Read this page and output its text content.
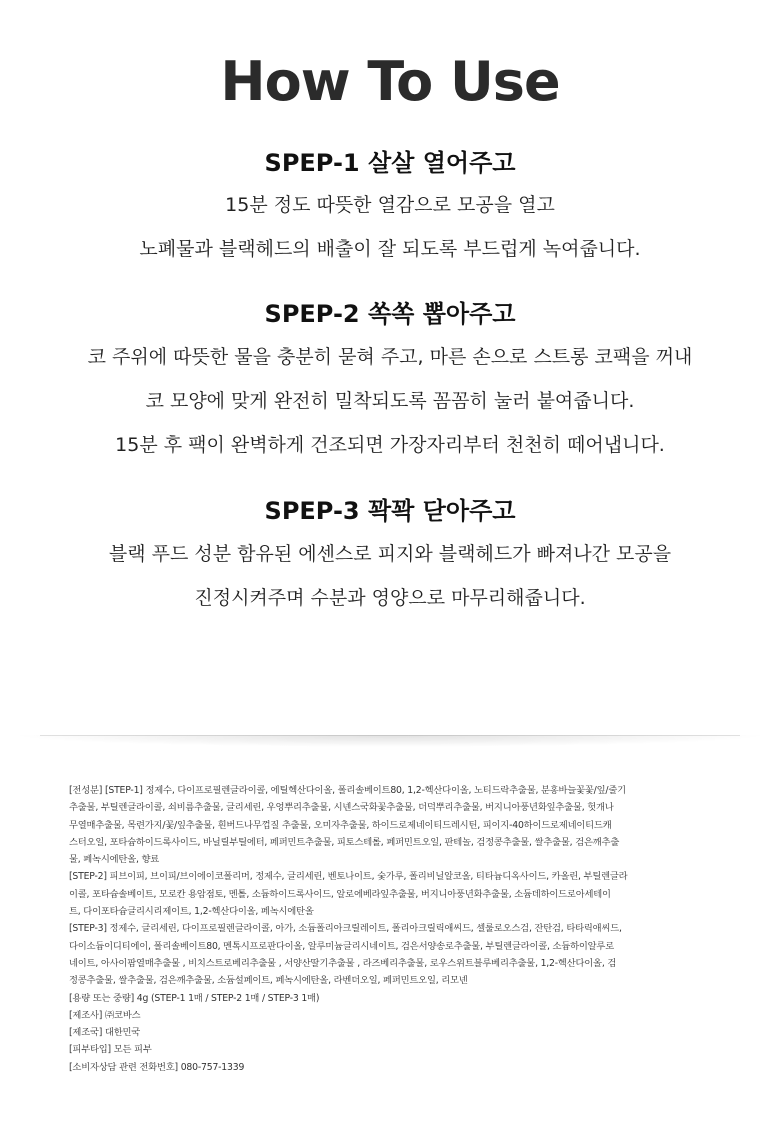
How To Use
SPEP-1 살살 열어주고
15분 정도 따뜻한 열감으로 모공을 열고
노폐물과 블랙헤드의 배출이 잘 되도록 부드럽게 녹여줍니다.
SPEP-2 쏙쏙 뽑아주고
코 주위에 따뜻한 물을 충분히 묻혀 주고, 마른 손으로 스트롱 코팩을 꺼내
코 모양에 맞게 완전히 밀착되도록 꼼꼼히 눌러 붙여줍니다.
15분 후 팩이 완벽하게 건조되면 가장자리부터 천천히 떼어냅니다.
SPEP-3 꽉꽉 닫아주고
블랙 푸드 성분 함유된 에센스로 피지와 블랙헤드가 빠져나간 모공을
진정시켜주며 수분과 영양으로 마무리해줍니다.
[전성분] [STEP-1] 정제수, 다이프로필렌글라이콜, 에틸헥산다이올, 폴리솔베이트80, 1,2-헥산다이올, 노티드락추출물, 분홍바늘꽃꽃/잎/줄기
추출물, 부틸렌글라이콜, 쇠비름추출물, 글리세린, 우엉뿌리추출물, 시넨스국화꽃추출물, 더덕뿌리추출물, 버지니아풍년화잎추출물, 헛개나
무열매추출물, 목련가지/꽃/잎추출물, 흰버드나무껍질 추출물, 오미자추출물, 하이드로제네이티드레시틴, 피이지-40하이드로제네이티드캐
스터오일, 포타슘하이드록사이드, 바닐릴부틸에터, 페퍼민트추출물, 피토스테롤, 페퍼민트오일, 판테놀, 검정콩추출물, 쌀추출물, 검은깨추출
물, 페녹시에탄올, 향료
[STEP-2] 피브이피, 브이피/브이에이코폴리머, 정제수, 글리세린, 벤토나이트, 숯가루, 폴리비닐알코올, 티타늄디옥사이드, 카올린, 부틸렌글라
이콜, 포타슘솔베이트, 모로칸 용암점토, 멘톨, 소듐하이드록사이드, 알로에베라잎추출물, 버지니아풍년화추출물, 소듐데하이드로아세테이
트, 다이포타슘글리시리제이트, 1,2-헥산다이올, 페녹시에탄올
[STEP-3] 정제수, 글리세린, 다이프로필렌글라이콜, 아가, 소듐폴리아크릴레이트, 폴리아크릴릭애씨드, 셀룰로오스검, 잔탄검, 타타릭애씨드,
다이소듐이디티에이, 폴리솔베이트80, 멘톡시프로판다이올, 알루미늄글리시네이트, 검은서양송로추출물, 부틸렌글라이콜, 소듐하이알루로
네이트, 아사이팜열매추출물 , 비치스트로베리추출물 , 서양산딸기추출물 , 라즈베리추출물, 로우스위트블루베리추출물, 1,2-헥산다이올, 검
정콩추출물, 쌀추출물, 검은깨추출물, 소듐설페이트, 페녹시에탄올, 라벤더오일, 페퍼민트오일, 리모넨
[용량 또는 중량] 4g (STEP-1 1매 / STEP-2 1매 / STEP-3 1매)
[제조사] ㈜코바스
[제조국] 대한민국
[피부타입] 모든 피부
[소비자상담 관련 전화번호] 080-757-1339
